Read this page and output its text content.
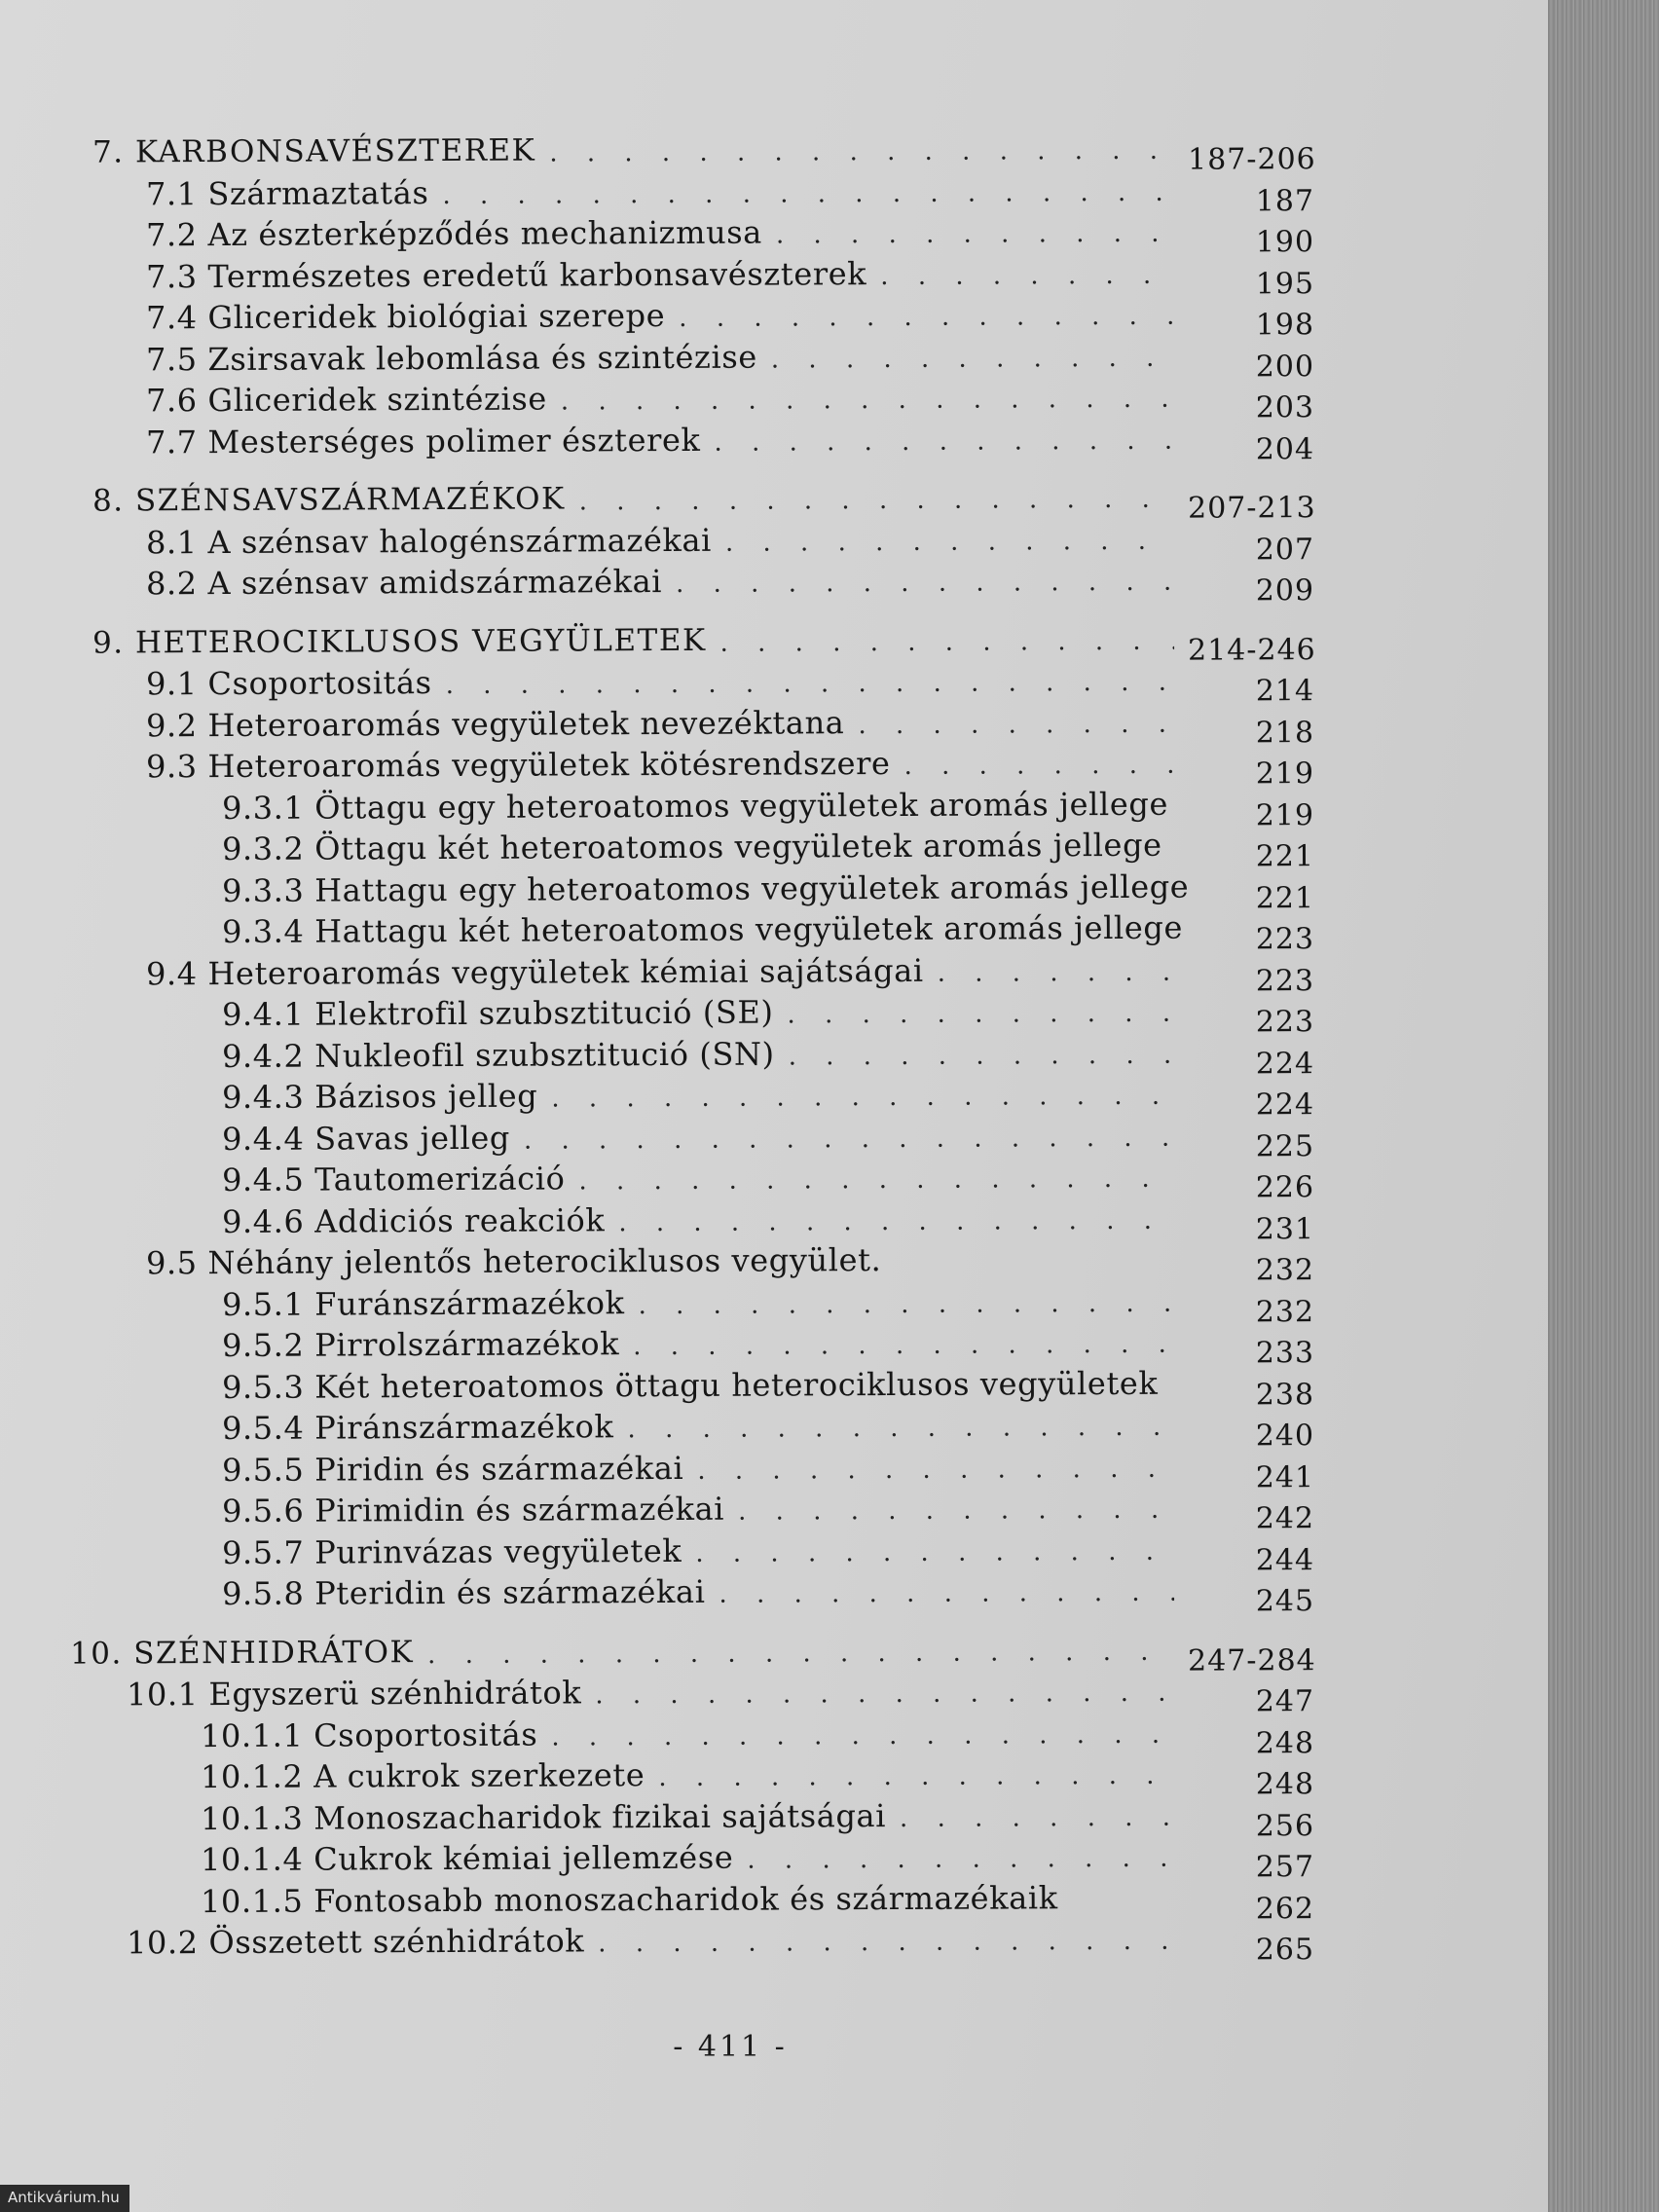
7. KARBONSAVÉSZTEREK . . .	187-206
7.1 Származtatás . . .	187
7.2 Az észterképződés mechanizmusa . . .	190
7.3 Természetes eredetű karbonsavészterek . . .	195
7.4 Gliceridek biológiai szerepe . . .	198
7.5 Zsirsavak lebomlása és szintézise . . .	200
7.6 Gliceridek szintézise . . .	203
7.7 Mesterséges polimer észterek . . .	204
8. SZÉNSAVSZÁRMAZÉKOK . . .	207-213
8.1 A szénsav halogénszármazékai . . .	207
8.2 A szénsav amidszármazékai . . .	209
9. HETEROCIKLUSOS VEGYÜLETEK . . .	214-246
9.1 Csoportositás . . .	214
9.2 Heteroaromás vegyületek nevezéktana . . .	218
9.3 Heteroaromás vegyületek kötésrendszere . . .	219
9.3.1 Öttagu egy heteroatomos vegyületek aromás jellege	219
9.3.2 Öttagu két heteroatomos vegyületek aromás jellege	221
9.3.3 Hattagu egy heteroatomos vegyületek aromás jellege	221
9.3.4 Hattagu két heteroatomos vegyületek aromás jellege	223
9.4 Heteroaromás vegyületek kémiai sajátságai . . .	223
9.4.1 Elektrofil szubsztitució (SE) . . .	223
9.4.2 Nukleofil szubsztitució (SN) . . .	224
9.4.3 Bázisos jelleg . . .	224
9.4.4 Savas jelleg . . .	225
9.4.5 Tautomerizáció . . .	226
9.4.6 Addiciós reakciók . . .	231
9.5 Néhány jelentős heterociklusos vegyület.	232
9.5.1 Furánszármazékok . . .	232
9.5.2 Pirrolszármazékok . . .	233
9.5.3 Két heteroatomos öttagu heterociklusos vegyületek	238
9.5.4 Piránszármazékok . . .	240
9.5.5 Piridin és származékai . . .	241
9.5.6 Pirimidin és származékai . . .	242
9.5.7 Purinvázas vegyületek . . .	244
9.5.8 Pteridin és származékai . . .	245
10. SZÉNHIDRÁTOK . . .	247-284
10.1 Egyszerü szénhidrátok . . .	247
10.1.1 Csoportositás . . .	248
10.1.2 A cukrok szerkezete . . .	248
10.1.3 Monoszacharidok fizikai sajátságai . . .	256
10.1.4 Cukrok kémiai jellemzése . . .	257
10.1.5 Fontosabb monoszacharidok és származékaik	262
10.2 Összetett szénhidrátok . . .	265
- 411 -
Antikvárium.hu
